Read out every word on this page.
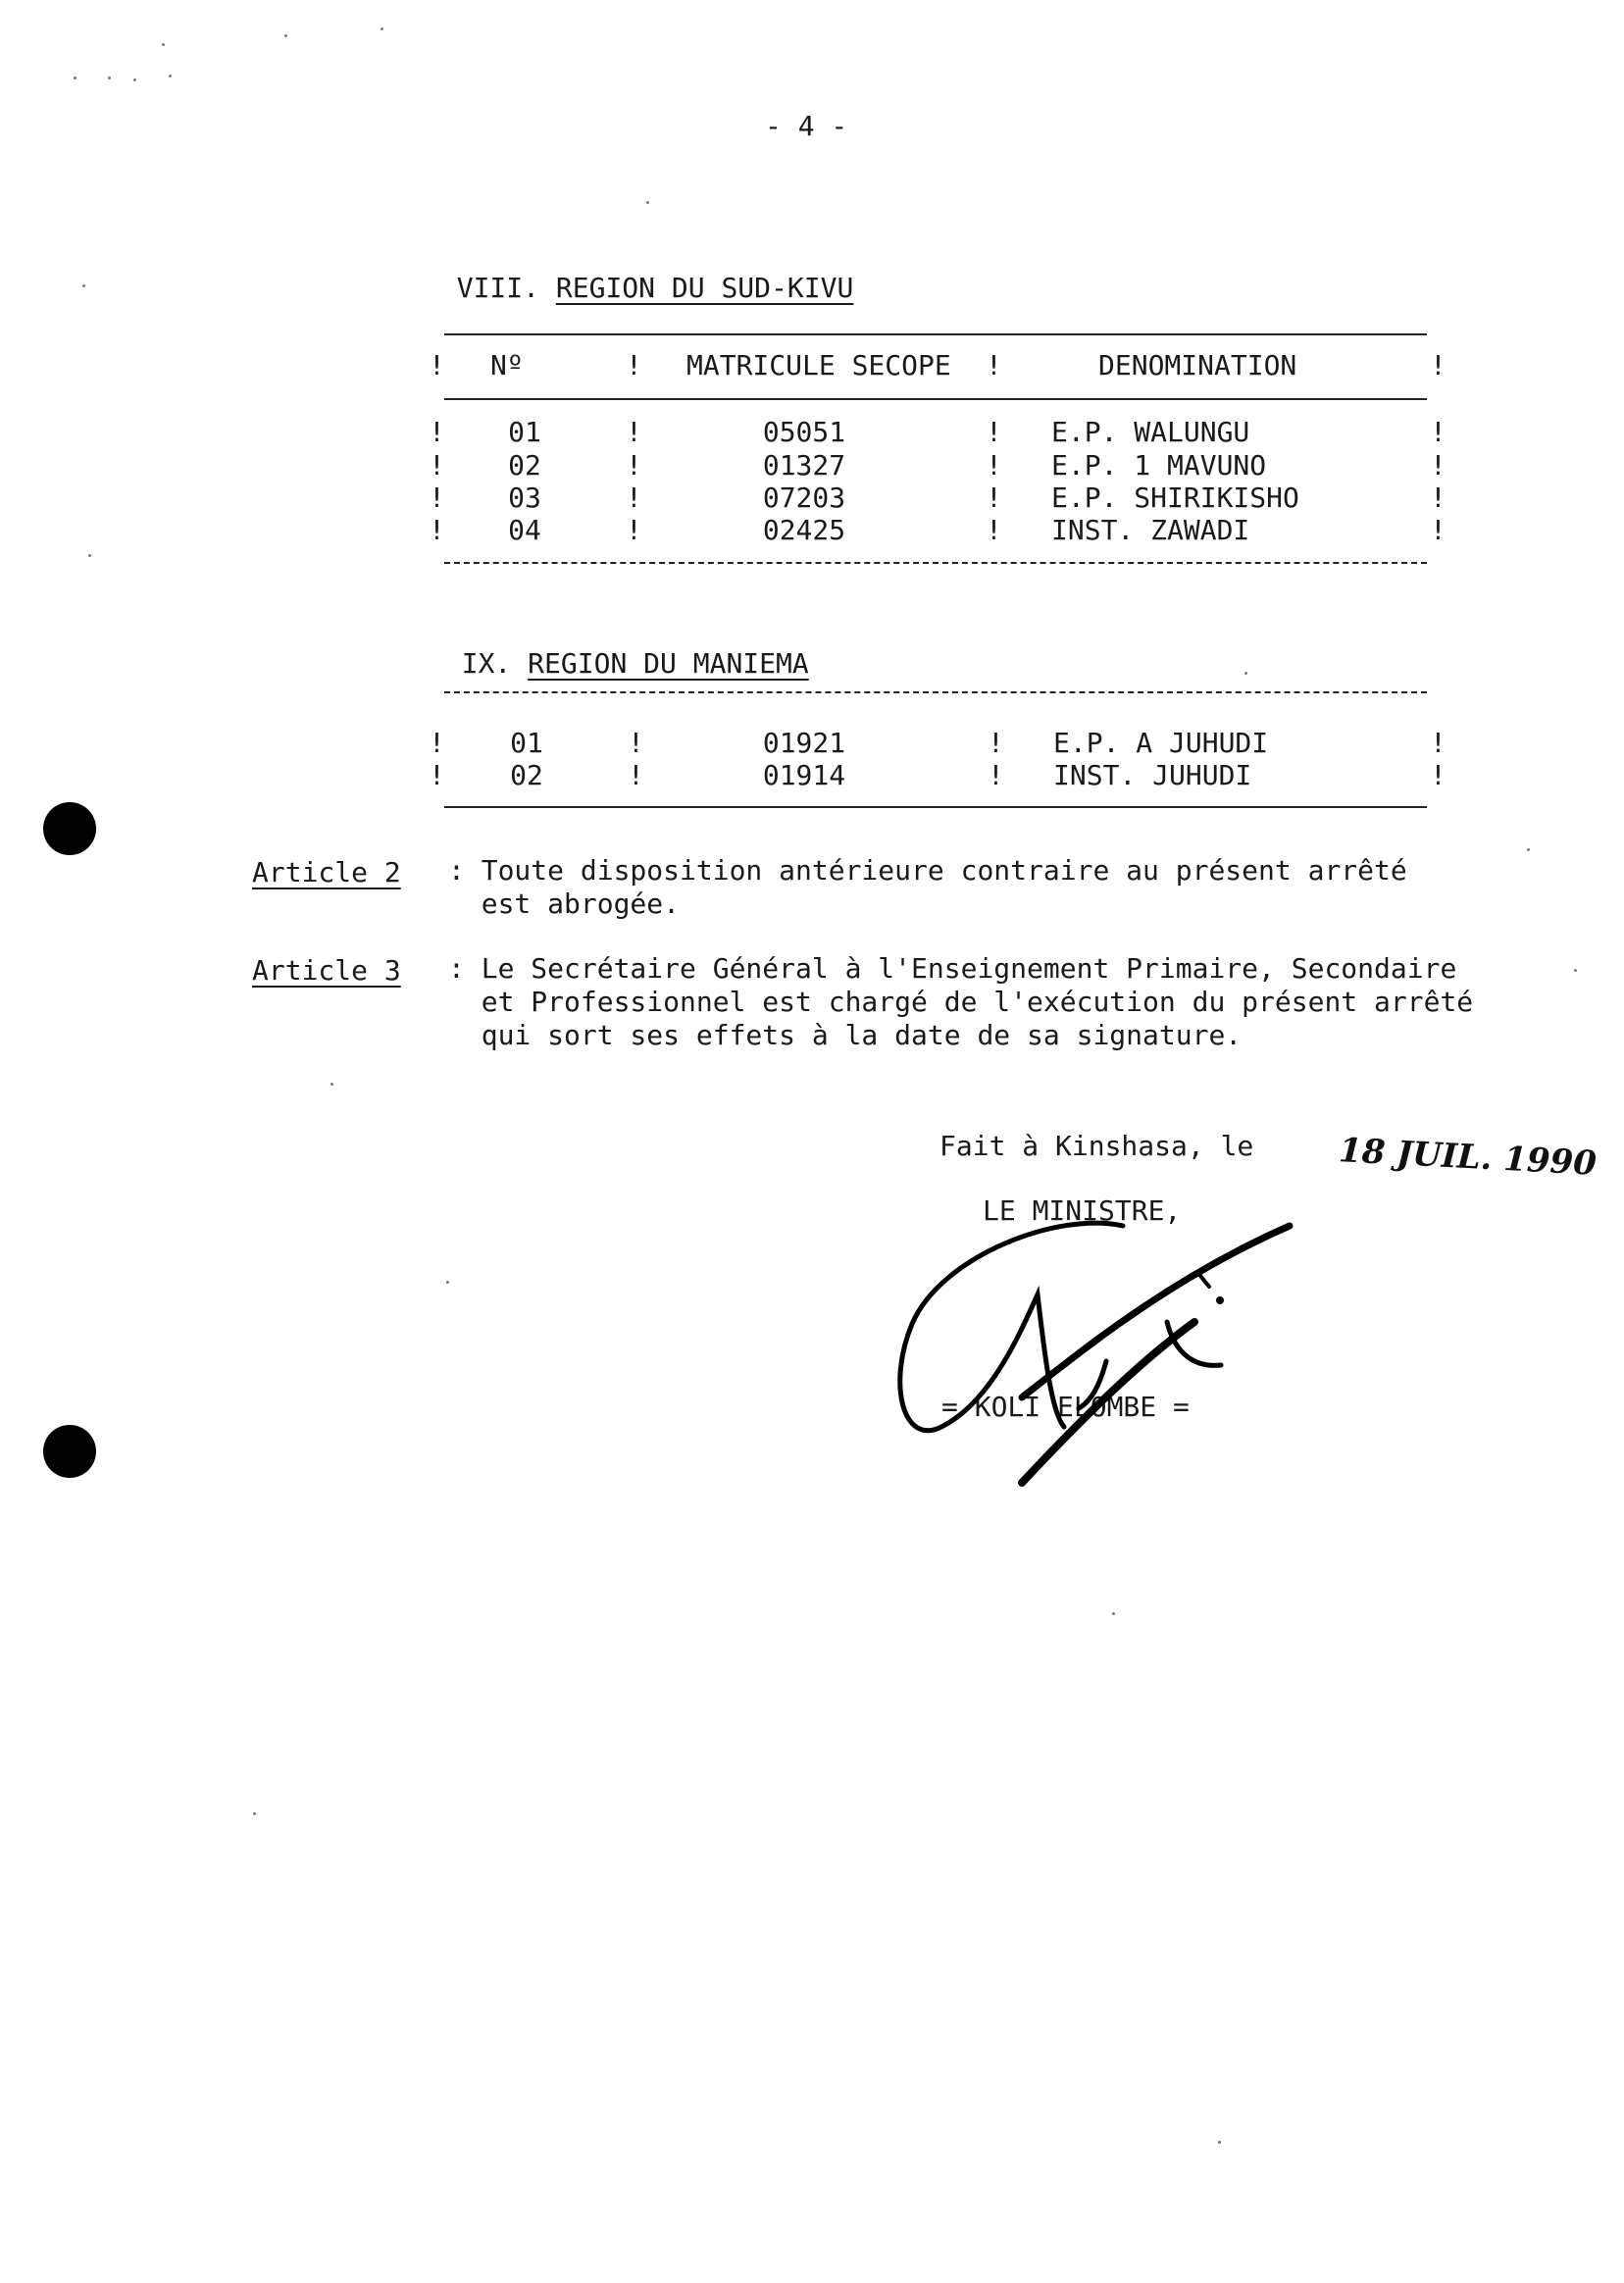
- 4 -

VIII. REGION DU SUD-KIVU

! Nº	! MATRICULE SECOPE !	DENOMINATION	!
!	01	!	05051	! E.P. WALUNGU	!
!	02	!	01327	! E.P. 1 MAVUNO	!
!	03	!	07203	! E.P. SHIRIKISHO	!
!	04	!	02425	! INST. ZAWADI	!

IX. REGION DU MANIEMA

!	01	!	01921	! E.P. A JUHUDI	!
!	02	!	01914	! INST. JUHUDI	!
Article 2 : Toute disposition antérieure contraire au présent arrêté
est abrogée.
Article 3 : Le Secrétaire Général à l'Enseignement Primaire, Secondaire
et Professionnel est chargé de l'exécution du présent arrêté
qui sort ses effets à la date de sa signature.
Fait à Kinshasa, le	18 JUIL. 1990
LE MINISTRE,
= KOLI ELOMBE =
